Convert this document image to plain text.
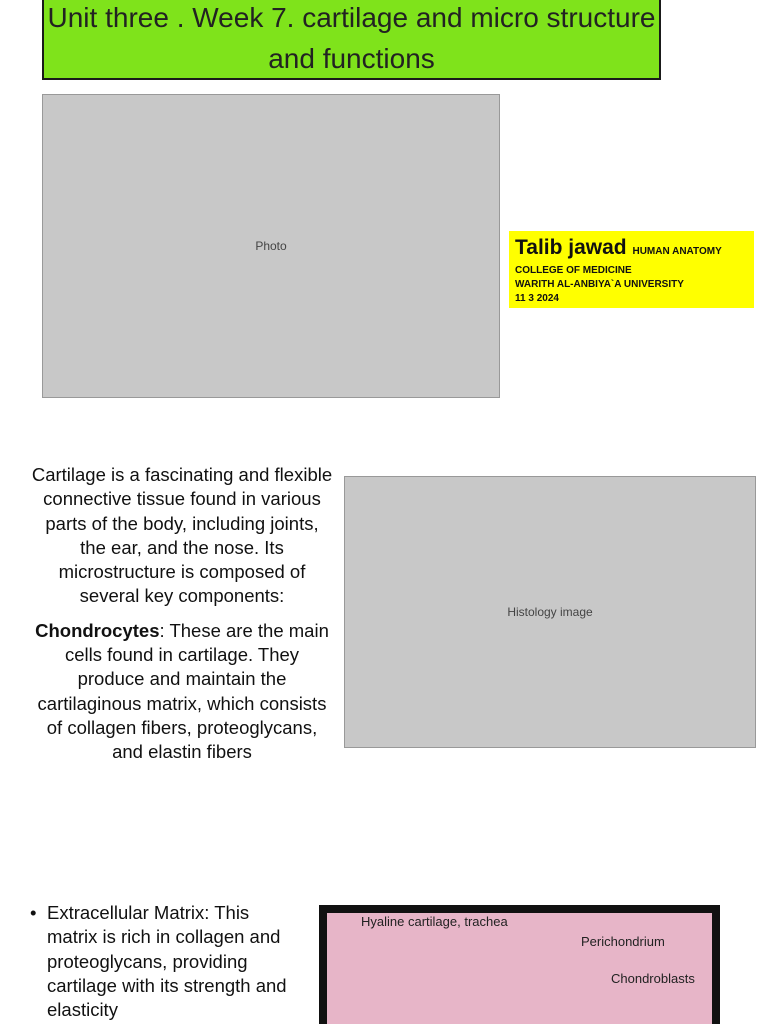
Unit three . Week 7. cartilage and micro structure and functions
Photo	Talib jawad HUMAN ANATOMY
COLLEGE OF MEDICINE
WARITH AL-ANBIYA`A UNIVERSITY
11 3 2024

Cartilage is a fascinating and flexible connective tissue found in various parts of the body, including joints, the ear, and the nose. Its microstructure is composed of several key components:

Chondrocytes: These are the main cells found in cartilage. They produce and maintain the cartilaginous matrix, which consists of collagen fibers, proteoglycans, and elastin fibers

Histology image
• Extracellular Matrix: This matrix is rich in collagen and proteoglycans, providing cartilage with its strength and elasticity
Hyaline cartilage, trachea
Perichondrium
Chondroblasts
